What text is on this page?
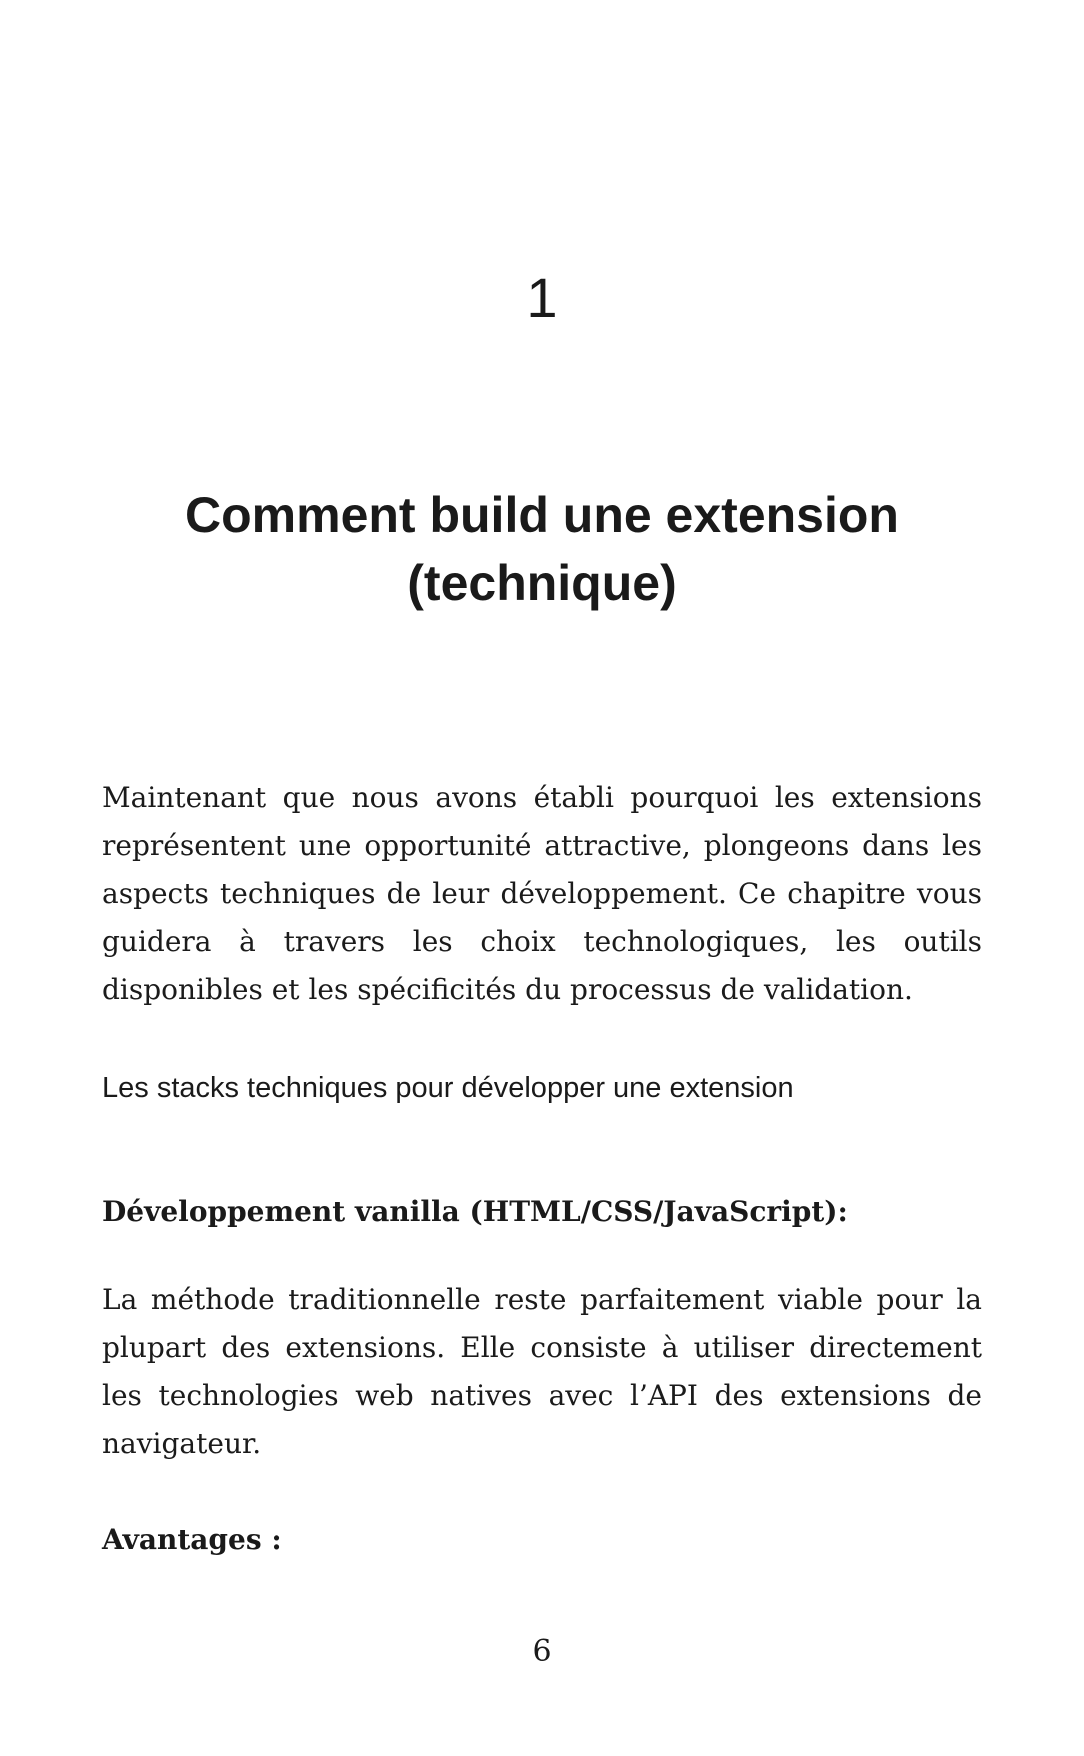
1
Comment build une extension
(technique)

Maintenant que nous avons établi pourquoi les extensions représentent une opportunité attractive, plongeons dans les aspects techniques de leur développement. Ce chapitre vous guidera à travers les choix technologiques, les outils disponibles et les spécificités du processus de validation.

Les stacks techniques pour développer une extension
Développement vanilla (HTML/CSS/JavaScript):

La méthode traditionnelle reste parfaitement viable pour la plupart des extensions. Elle consiste à utiliser directement les technologies web natives avec l’API des extensions de navigateur.

Avantages :
6
